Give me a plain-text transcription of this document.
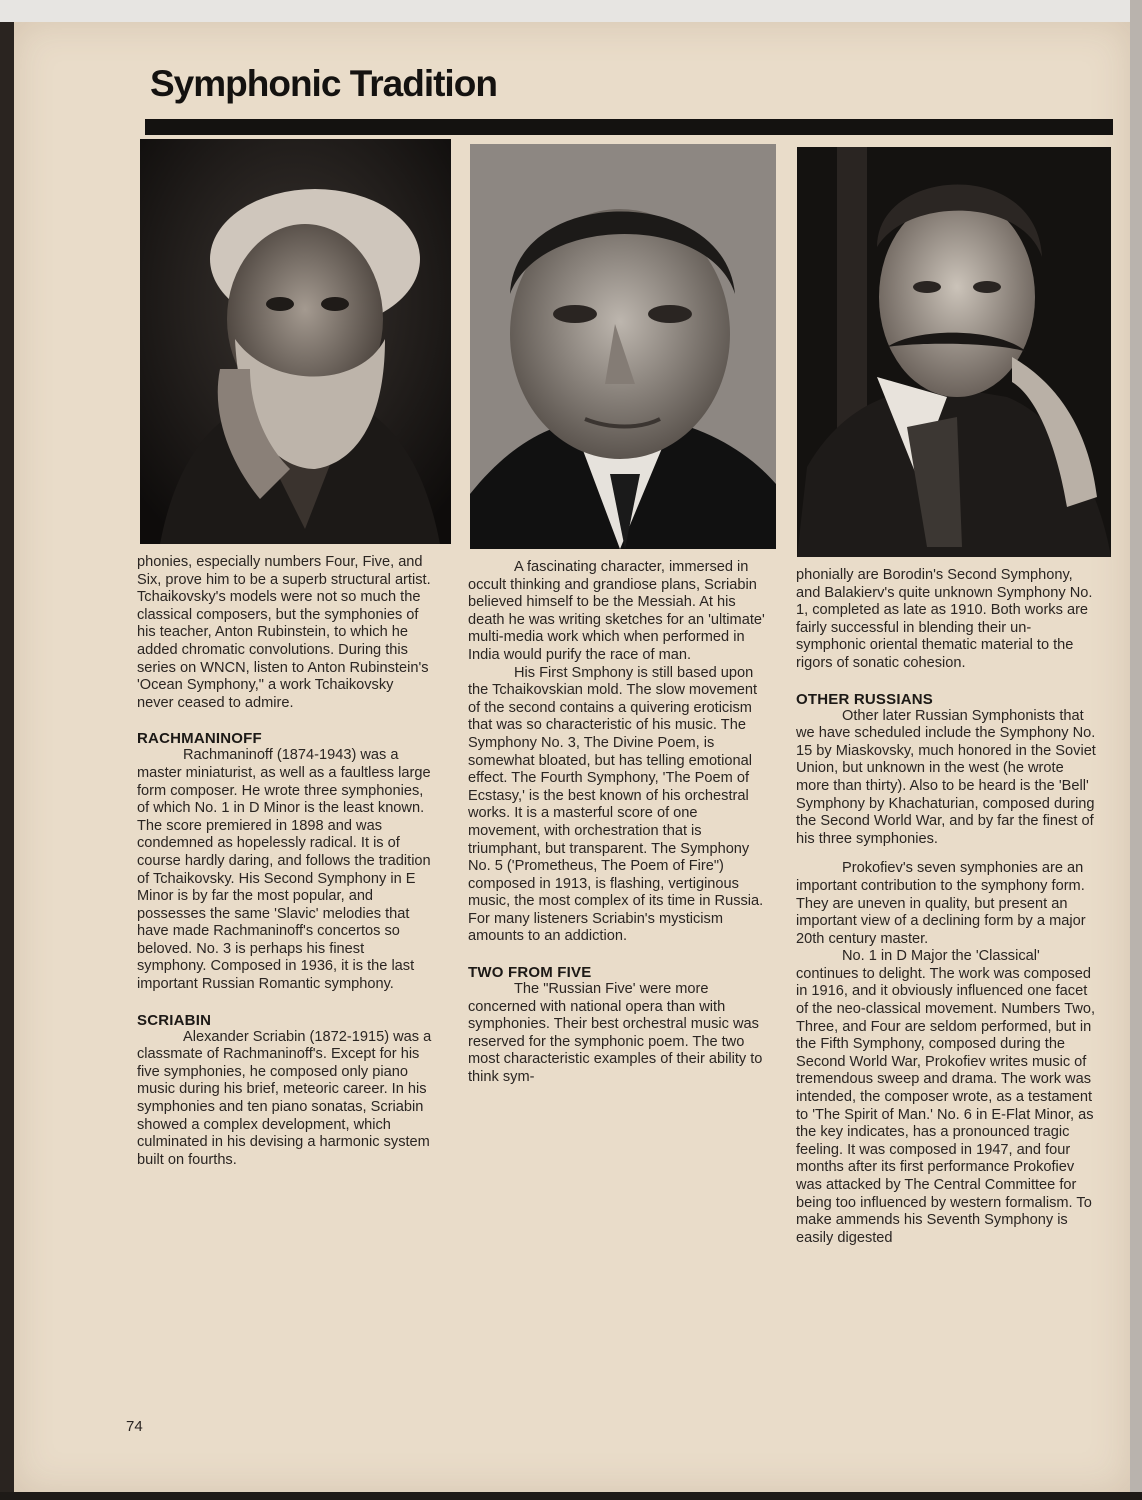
Symphonic Tradition

phonies, especially numbers Four, Five, and Six, prove him to be a superb structural artist. Tchaikovsky's models were not so much the classical composers, but the symphonies of his teacher, Anton Rubinstein, to which he added chromatic convolutions. During this series on WNCN, listen to Anton Rubinstein's 'Ocean Symphony," a work Tchaikovsky never ceased to admire.

RACHMANINOFF

Rachmaninoff (1874-1943) was a master miniaturist, as well as a faultless large form composer. He wrote three symphonies, of which No. 1 in D Minor is the least known. The score premiered in 1898 and was condemned as hopelessly radical. It is of course hardly daring, and follows the tradition of Tchaikovsky. His Second Symphony in E Minor is by far the most popular, and possesses the same 'Slavic' melodies that have made Rachmaninoff's concertos so beloved. No. 3 is perhaps his finest symphony. Composed in 1936, it is the last important Russian Romantic symphony.

SCRIABIN

Alexander Scriabin (1872-1915) was a classmate of Rachmaninoff's. Except for his five symphonies, he composed only piano music during his brief, meteoric career. In his symphonies and ten piano sonatas, Scriabin showed a complex development, which culminated in his devising a harmonic system built on fourths.

A fascinating character, immersed in occult thinking and grandiose plans, Scriabin believed himself to be the Messiah. At his death he was writing sketches for an 'ultimate' multi-media work which when performed in India would purify the race of man.

His First Smphony is still based upon the Tchaikovskian mold. The slow movement of the second contains a quivering eroticism that was so characteristic of his music. The Symphony No. 3, The Divine Poem, is somewhat bloated, but has telling emotional effect. The Fourth Symphony, 'The Poem of Ecstasy,' is the best known of his orchestral works. It is a masterful score of one movement, with orchestration that is triumphant, but transparent. The Symphony No. 5 ('Prometheus, The Poem of Fire") composed in 1913, is flashing, vertiginous music, the most complex of its time in Russia. For many listeners Scriabin's mysticism amounts to an addiction.

TWO FROM FIVE

The "Russian Five' were more concerned with national opera than with symphonies. Their best orchestral music was reserved for the symphonic poem. The two most characteristic examples of their ability to think sym-

phonially are Borodin's Second Symphony, and Balakierv's quite unknown Symphony No. 1, completed as late as 1910. Both works are fairly successful in blending their un-symphonic oriental thematic material to the rigors of sonatic cohesion.

OTHER RUSSIANS

Other later Russian Symphonists that we have scheduled include the Symphony No. 15 by Miaskovsky, much honored in the Soviet Union, but unknown in the west (he wrote more than thirty). Also to be heard is the 'Bell' Symphony by Khachaturian, composed during the Second World War, and by far the finest of his three symphonies.

Prokofiev's seven symphonies are an important contribution to the symphony form. They are uneven in quality, but present an important view of a declining form by a major 20th century master.

No. 1 in D Major the 'Classical' continues to delight. The work was composed in 1916, and it obviously influenced one facet of the neo-classical movement. Numbers Two, Three, and Four are seldom performed, but in the Fifth Symphony, composed during the Second World War, Prokofiev writes music of tremendous sweep and drama. The work was intended, the composer wrote, as a testament to 'The Spirit of Man.' No. 6 in E-Flat Minor, as the key indicates, has a pronounced tragic feeling. It was composed in 1947, and four months after its first performance Prokofiev was attacked by The Central Committee for being too influenced by western formalism. To make ammends his Seventh Symphony is easily digested

74
